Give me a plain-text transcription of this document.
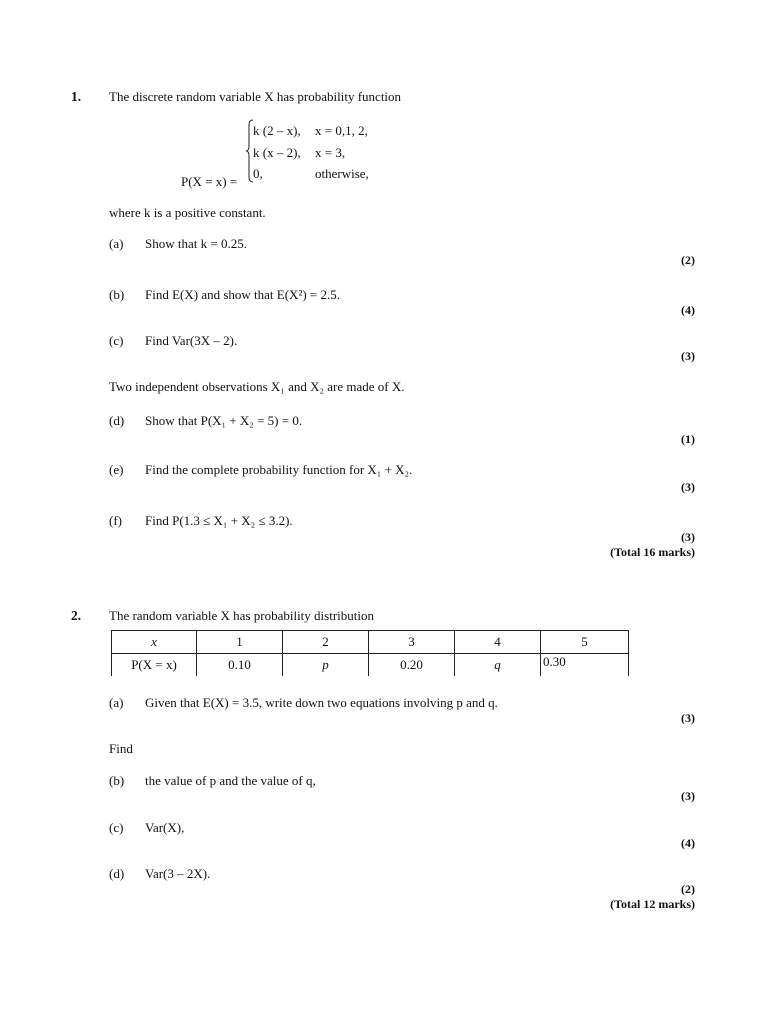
1. The discrete random variable X has probability function
P(X = x) =
k (2 – x), x = 0,1, 2,
k (x – 2), x = 3,
0,	otherwise,
where k is a positive constant.
(a) Show that k = 0.25.
(2)
(b) Find E(X) and show that E(X²) = 2.5.
(4)
(c) Find Var(3X – 2).
(3)
Two independent observations X₁ and X₂ are made of X.
(d) Show that P(X₁ + X₂ = 5) = 0.
(1)
(e) Find the complete probability function for X₁ + X₂.
(3)
(f) Find P(1.3 ≤ X₁ + X₂ ≤ 3.2).
(3)
(Total 16 marks)
2. The random variable X has probability distribution
x	1	2	3	4	5
P(X = x)	0.10	p	0.20	q	0.30
(a) Given that E(X) = 3.5, write down two equations involving p and q.
(3)
Find
(b) the value of p and the value of q,
(3)
(c) Var(X),
(4)
(d) Var(3 – 2X).
(2)
(Total 12 marks)
